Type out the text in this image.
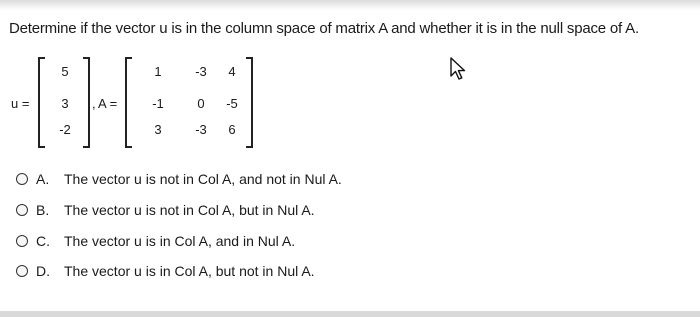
Determine if the vector u is in the column space of matrix A and whether it is in the null space of A.
u =
5
3
-2
, A =
1	-3	4
-1	0	-5
3	-3	6
A.	The vector u is not in Col A, and not in Nul A.
B.	The vector u is not in Col A, but in Nul A.
C.	The vector u is in Col A, and in Nul A.
D.	The vector u is in Col A, but not in Nul A.
